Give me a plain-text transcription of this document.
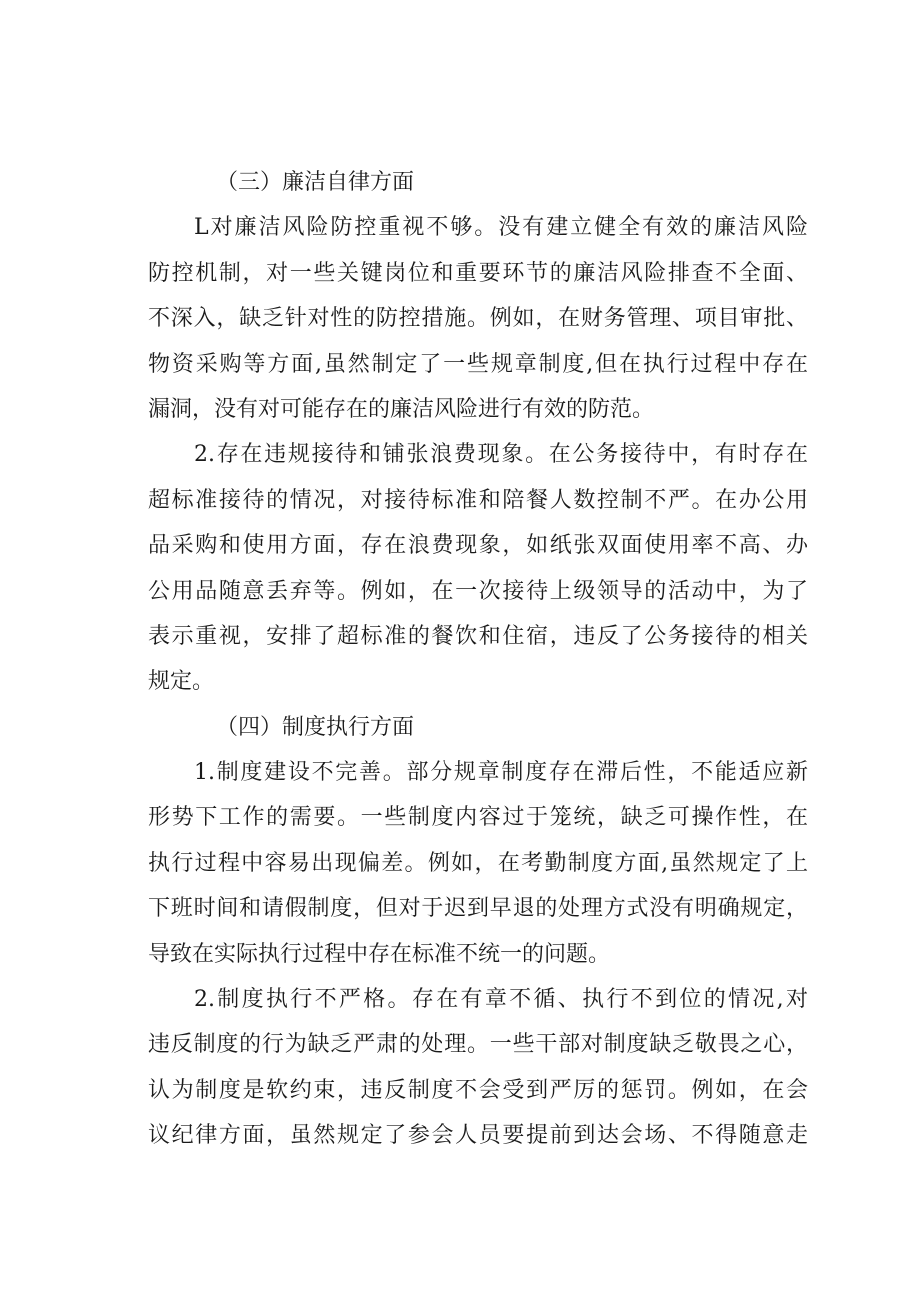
（三）廉洁自律方面
L对廉洁风险防控重视不够。没有建立健全有效的廉洁风险
防控机制，对一些关键岗位和重要环节的廉洁风险排查不全面、
不深入，缺乏针对性的防控措施。例如，在财务管理、项目审批、
物资采购等方面,虽然制定了一些规章制度,但在执行过程中存在
漏洞，没有对可能存在的廉洁风险进行有效的防范。
2.存在违规接待和铺张浪费现象。在公务接待中，有时存在
超标准接待的情况，对接待标准和陪餐人数控制不严。在办公用
品采购和使用方面，存在浪费现象，如纸张双面使用率不高、办
公用品随意丢弃等。例如，在一次接待上级领导的活动中，为了
表示重视，安排了超标准的餐饮和住宿，违反了公务接待的相关
规定。
（四）制度执行方面
1.制度建设不完善。部分规章制度存在滞后性，不能适应新
形势下工作的需要。一些制度内容过于笼统，缺乏可操作性，在
执行过程中容易出现偏差。例如，在考勤制度方面,虽然规定了上
下班时间和请假制度，但对于迟到早退的处理方式没有明确规定，
导致在实际执行过程中存在标准不统一的问题。
2.制度执行不严格。存在有章不循、执行不到位的情况,对
违反制度的行为缺乏严肃的处理。一些干部对制度缺乏敬畏之心，
认为制度是软约束，违反制度不会受到严厉的惩罚。例如，在会
议纪律方面，虽然规定了参会人员要提前到达会场、不得随意走
